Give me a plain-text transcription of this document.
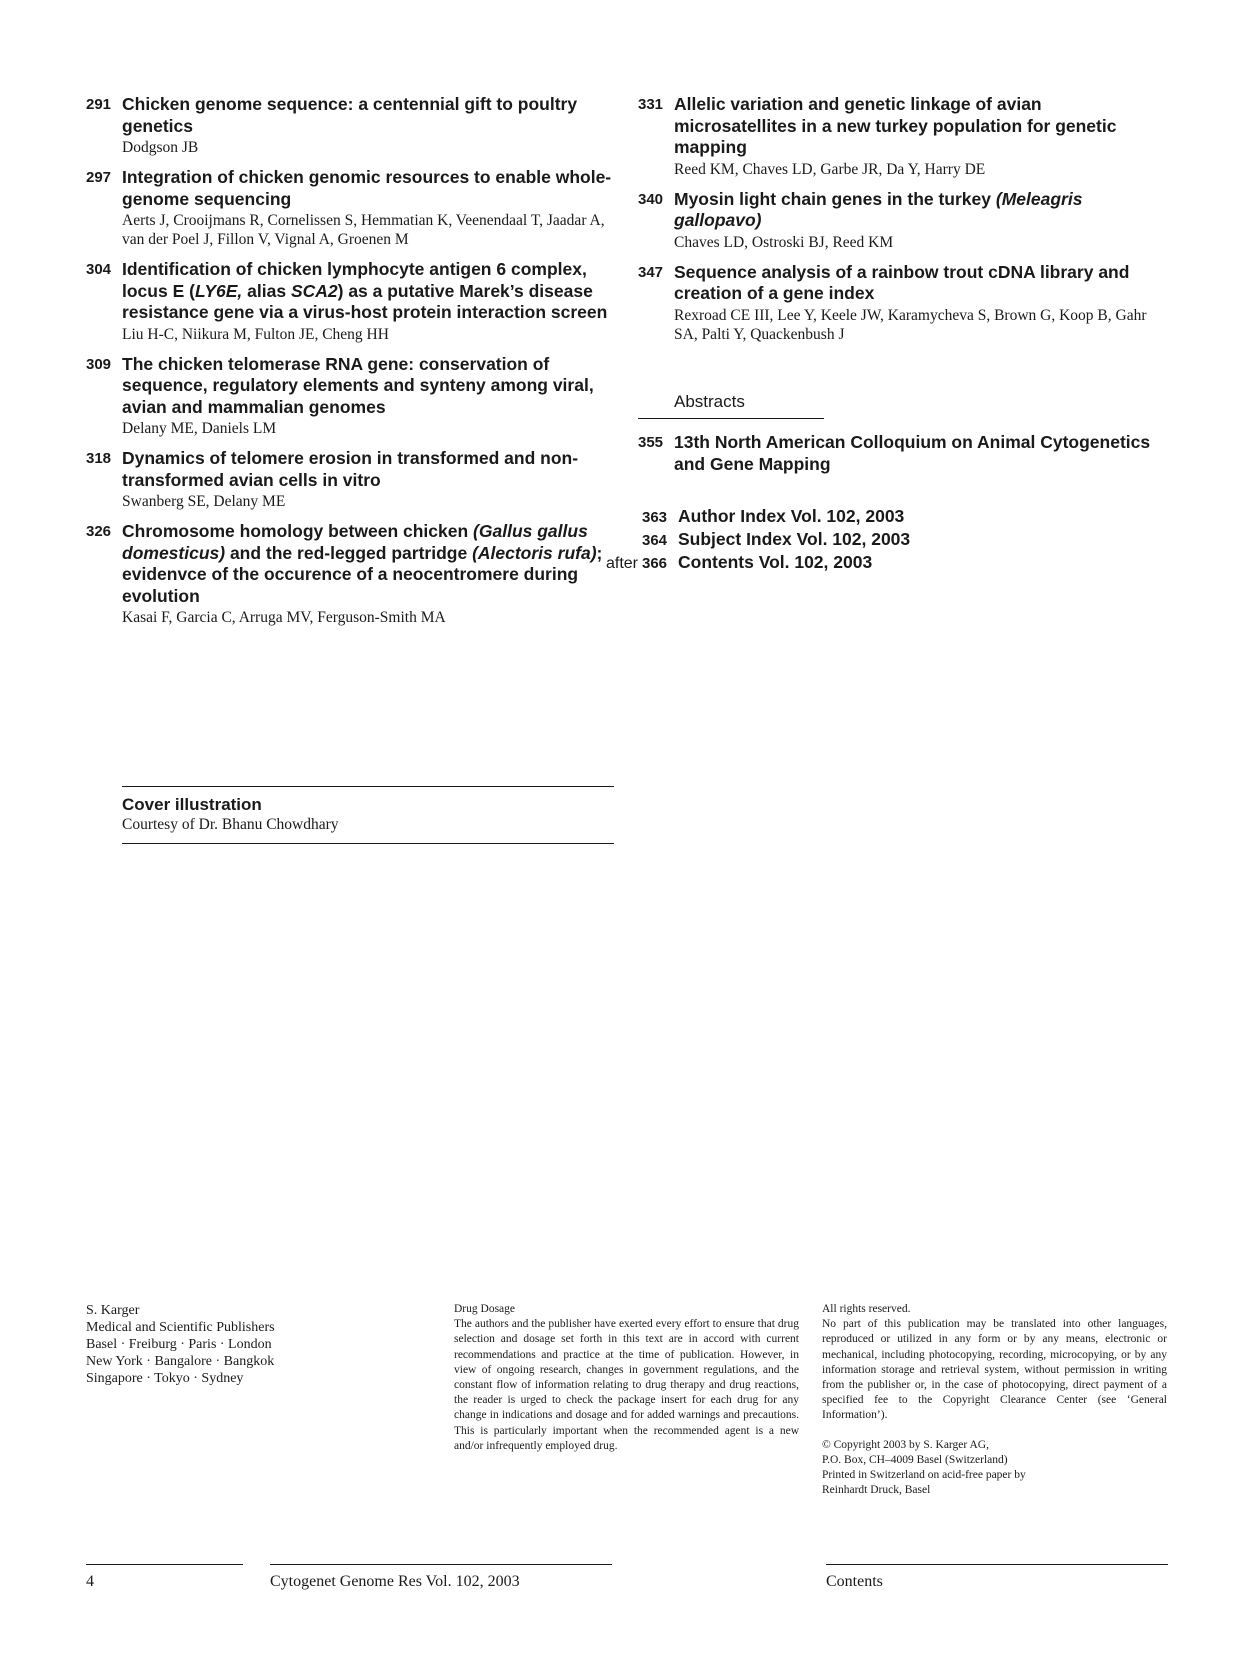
291 Chicken genome sequence: a centennial gift to poultry genetics
Dodgson JB
297 Integration of chicken genomic resources to enable whole-genome sequencing
Aerts J, Crooijmans R, Cornelissen S, Hemmatian K, Veenendaal T, Jaadar A, van der Poel J, Fillon V, Vignal A, Groenen M
304 Identification of chicken lymphocyte antigen 6 complex, locus E (LY6E, alias SCA2) as a putative Marek’s disease resistance gene via a virus-host protein interaction screen
Liu H-C, Niikura M, Fulton JE, Cheng HH
309 The chicken telomerase RNA gene: conservation of sequence, regulatory elements and synteny among viral, avian and mammalian genomes
Delany ME, Daniels LM
318 Dynamics of telomere erosion in transformed and non-transformed avian cells in vitro
Swanberg SE, Delany ME
326 Chromosome homology between chicken (Gallus gallus domesticus) and the red-legged partridge (Alectoris rufa); evidenvce of the occurence of a neocentromere during evolution
Kasai F, Garcia C, Arruga MV, Ferguson-Smith MA
331 Allelic variation and genetic linkage of avian microsatellites in a new turkey population for genetic mapping
Reed KM, Chaves LD, Garbe JR, Da Y, Harry DE
340 Myosin light chain genes in the turkey (Meleagris gallopavo)
Chaves LD, Ostroski BJ, Reed KM
347 Sequence analysis of a rainbow trout cDNA library and creation of a gene index
Rexroad CE III, Lee Y, Keele JW, Karamycheva S, Brown G, Koop B, Gahr SA, Palti Y, Quackenbush J
Abstracts
355 13th North American Colloquium on Animal Cytogenetics and Gene Mapping
363 Author Index Vol. 102, 2003
364 Subject Index Vol. 102, 2003
after 366 Contents Vol. 102, 2003
Cover illustration
Courtesy of Dr. Bhanu Chowdhary
S. Karger
Medical and Scientific Publishers
Basel · Freiburg · Paris · London
New York · Bangalore · Bangkok
Singapore · Tokyo · Sydney
Drug Dosage
The authors and the publisher have exerted every effort to ensure that drug selection and dosage set forth in this text are in accord with current recommendations and practice at the time of publication. However, in view of ongoing research, changes in government regulations, and the constant flow of information relating to drug therapy and drug reactions, the reader is urged to check the package insert for each drug for any change in indications and dosage and for added warnings and precautions. This is particularly important when the recommended agent is a new and/or infrequently employed drug.
All rights reserved.
No part of this publication may be translated into other languages, reproduced or utilized in any form or by any means, electronic or mechanical, including photocopying, recording, microcopying, or by any information storage and retrieval system, without permission in writing from the publisher or, in the case of photocopying, direct payment of a specified fee to the Copyright Clearance Center (see ‘General Information’).
© Copyright 2003 by S. Karger AG,
P.O. Box, CH–4009 Basel (Switzerland)
Printed in Switzerland on acid-free paper by
Reinhardt Druck, Basel
4	Cytogenet Genome Res Vol. 102, 2003	Contents
